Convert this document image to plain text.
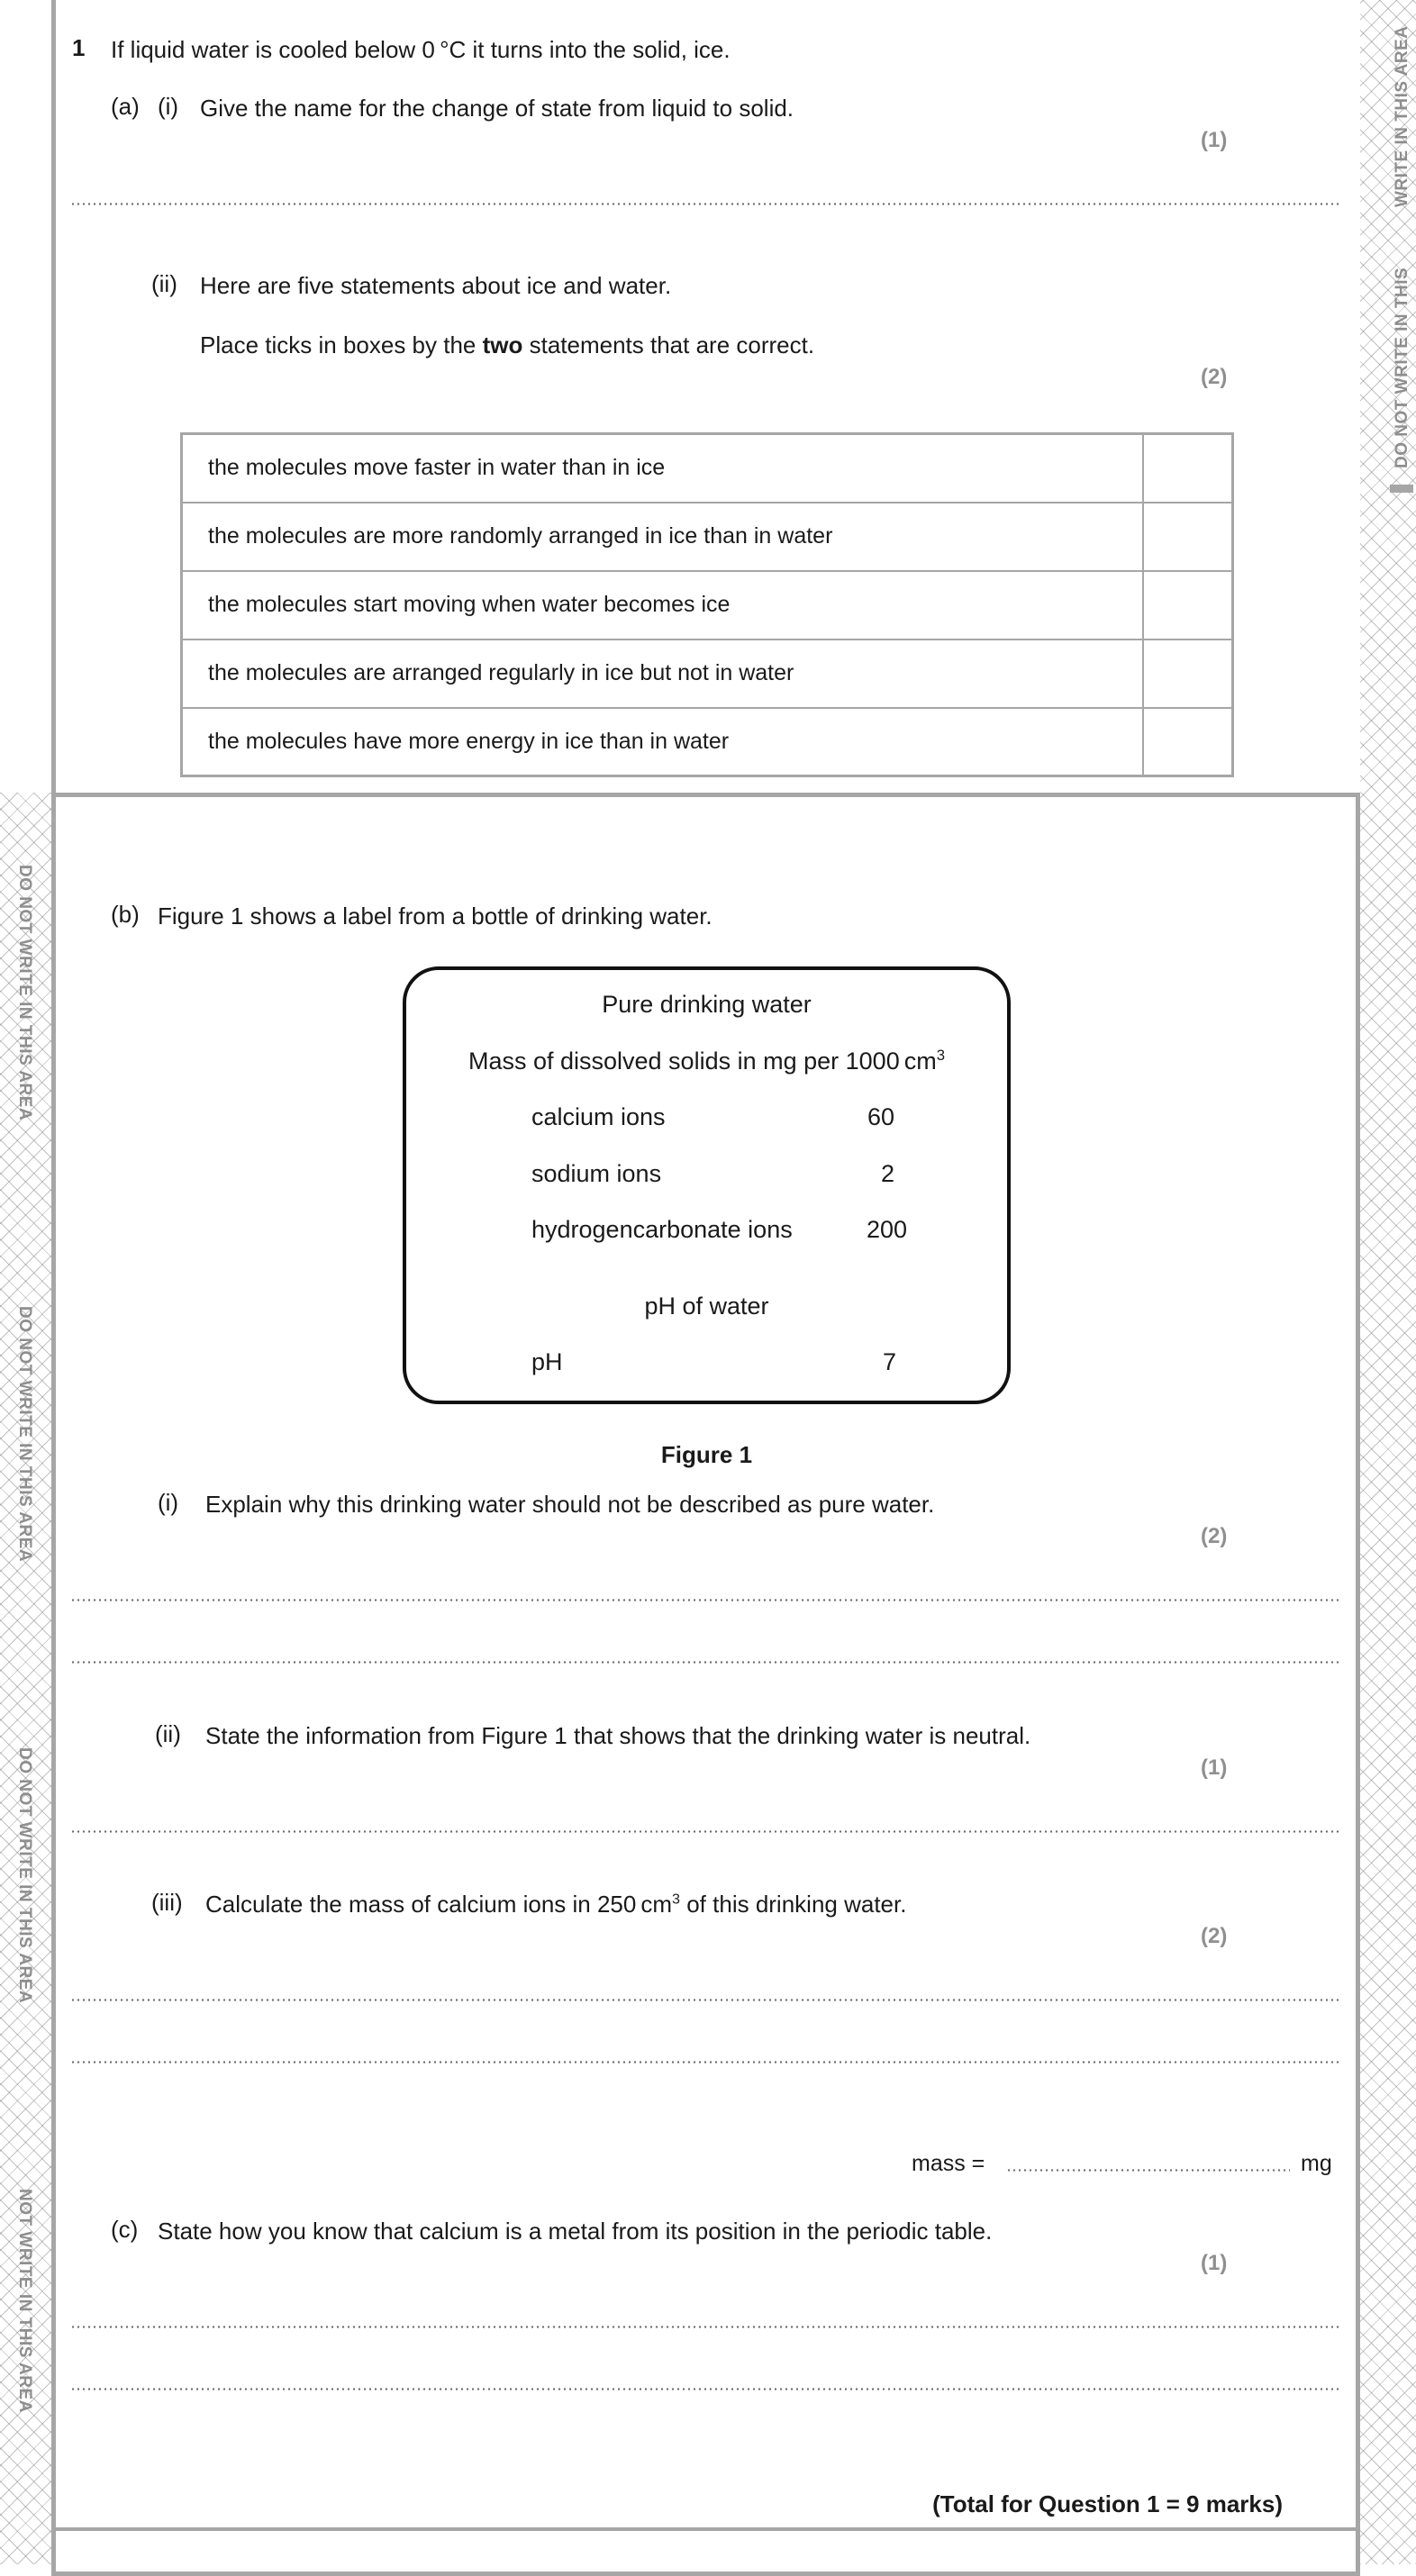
WRITE IN THIS AREA
DO NOT WRITE IN THIS
DO NOT WRITE IN THIS AREA
DO NOT WRITE IN THIS AREA
DO NOT WRITE IN THIS AREA
NOT WRITE IN THIS AREA
1 If liquid water is cooled below 0 °C it turns into the solid, ice.
(a) (i) Give the name for the change of state from liquid to solid.
(1)
(ii) Here are five statements about ice and water.
Place ticks in boxes by the two statements that are correct.
(2)
the molecules move faster in water than in ice	
the molecules are more randomly arranged in ice than in water	
the molecules start moving when water becomes ice	
the molecules are arranged regularly in ice but not in water	
the molecules have more energy in ice than in water	
(b) Figure 1 shows a label from a bottle of drinking water.
Pure drinking water
Mass of dissolved solids in mg per 1000 $cm^3$
calcium ions	60
sodium ions	2
hydrogencarbonate ions	200
pH of water
pH	7
Figure 1
(i) Explain why this drinking water should not be described as pure water.
(2)
(ii) State the information from Figure 1 that shows that the drinking water is neutral.
(1)
(iii) Calculate the mass of calcium ions in 250 $cm^3$ of this drinking water.
(2)
mass =	mg
(c) State how you know that calcium is a metal from its position in the periodic table.
(1)
(Total for Question 1 = 9 marks)
